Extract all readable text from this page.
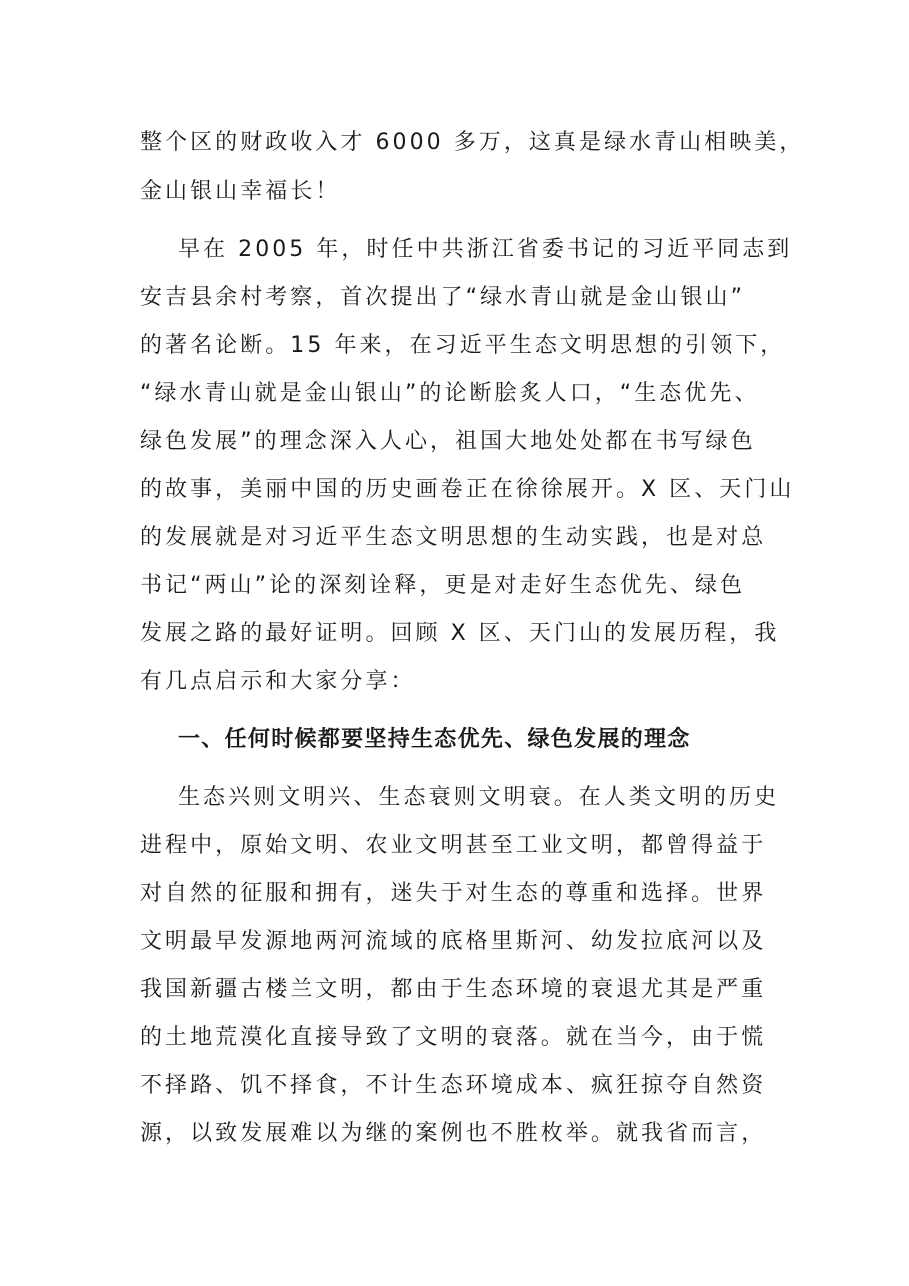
整个区的财政收入才 6000 多万，这真是绿水青山相映美，
金山银山幸福长！
早在 2005 年，时任中共浙江省委书记的习近平同志到
安吉县余村考察，首次提出了“绿水青山就是金山银山”
的著名论断。15 年来，在习近平生态文明思想的引领下，
“绿水青山就是金山银山”的论断脍炙人口，“生态优先、
绿色发展”的理念深入人心，祖国大地处处都在书写绿色
的故事，美丽中国的历史画卷正在徐徐展开。X 区、天门山
的发展就是对习近平生态文明思想的生动实践，也是对总
书记“两山”论的深刻诠释，更是对走好生态优先、绿色
发展之路的最好证明。回顾 X 区、天门山的发展历程，我
有几点启示和大家分享：
一、任何时候都要坚持生态优先、绿色发展的理念
生态兴则文明兴、生态衰则文明衰。在人类文明的历史
进程中，原始文明、农业文明甚至工业文明，都曾得益于
对自然的征服和拥有，迷失于对生态的尊重和选择。世界
文明最早发源地两河流域的底格里斯河、幼发拉底河以及
我国新疆古楼兰文明，都由于生态环境的衰退尤其是严重
的土地荒漠化直接导致了文明的衰落。就在当今，由于慌
不择路、饥不择食，不计生态环境成本、疯狂掠夺自然资
源，以致发展难以为继的案例也不胜枚举。就我省而言，
